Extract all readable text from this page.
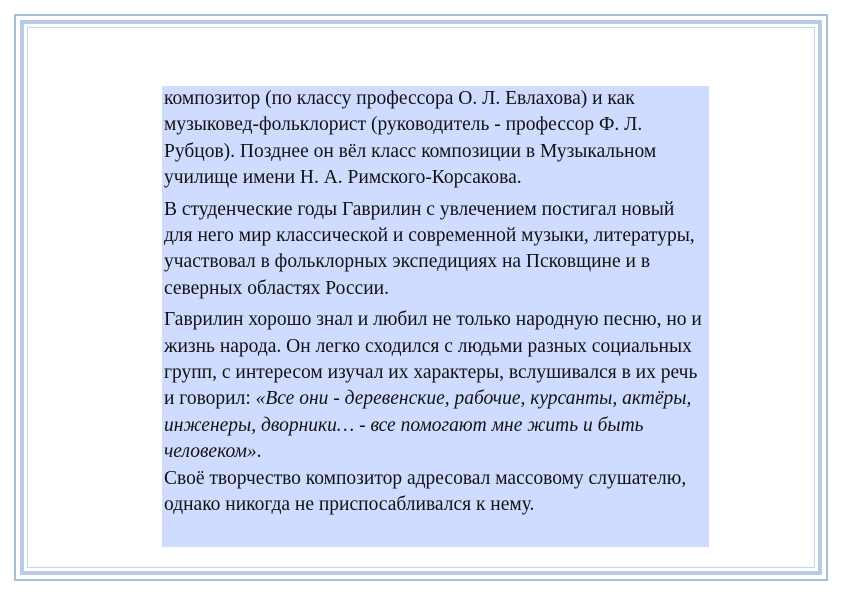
композитор (по классу профессора О. Л. Евлахова) и как музыковед-фольклорист (руководитель - профессор Ф. Л. Рубцов). Позднее он вёл класс композиции в Музыкальном училище имени Н. А. Римского-Корсакова.

В студенческие годы Гаврилин с увлечением постигал новый для него мир классической и современной музыки, литературы, участвовал в фольклорных экспедициях на Псковщине и в северных областях России.

Гаврилин хорошо знал и любил не только народную песню, но и жизнь народа. Он легко сходился с людьми разных социальных групп, с интересом изучал их характеры, вслушивался в их речь и говорил: «Все они - деревенские, рабочие, курсанты, актёры, инженеры, дворники… - все помогают мне жить и быть человеком».

Своё творчество композитор адресовал массовому слушателю, однако никогда не приспосабливался к нему.
